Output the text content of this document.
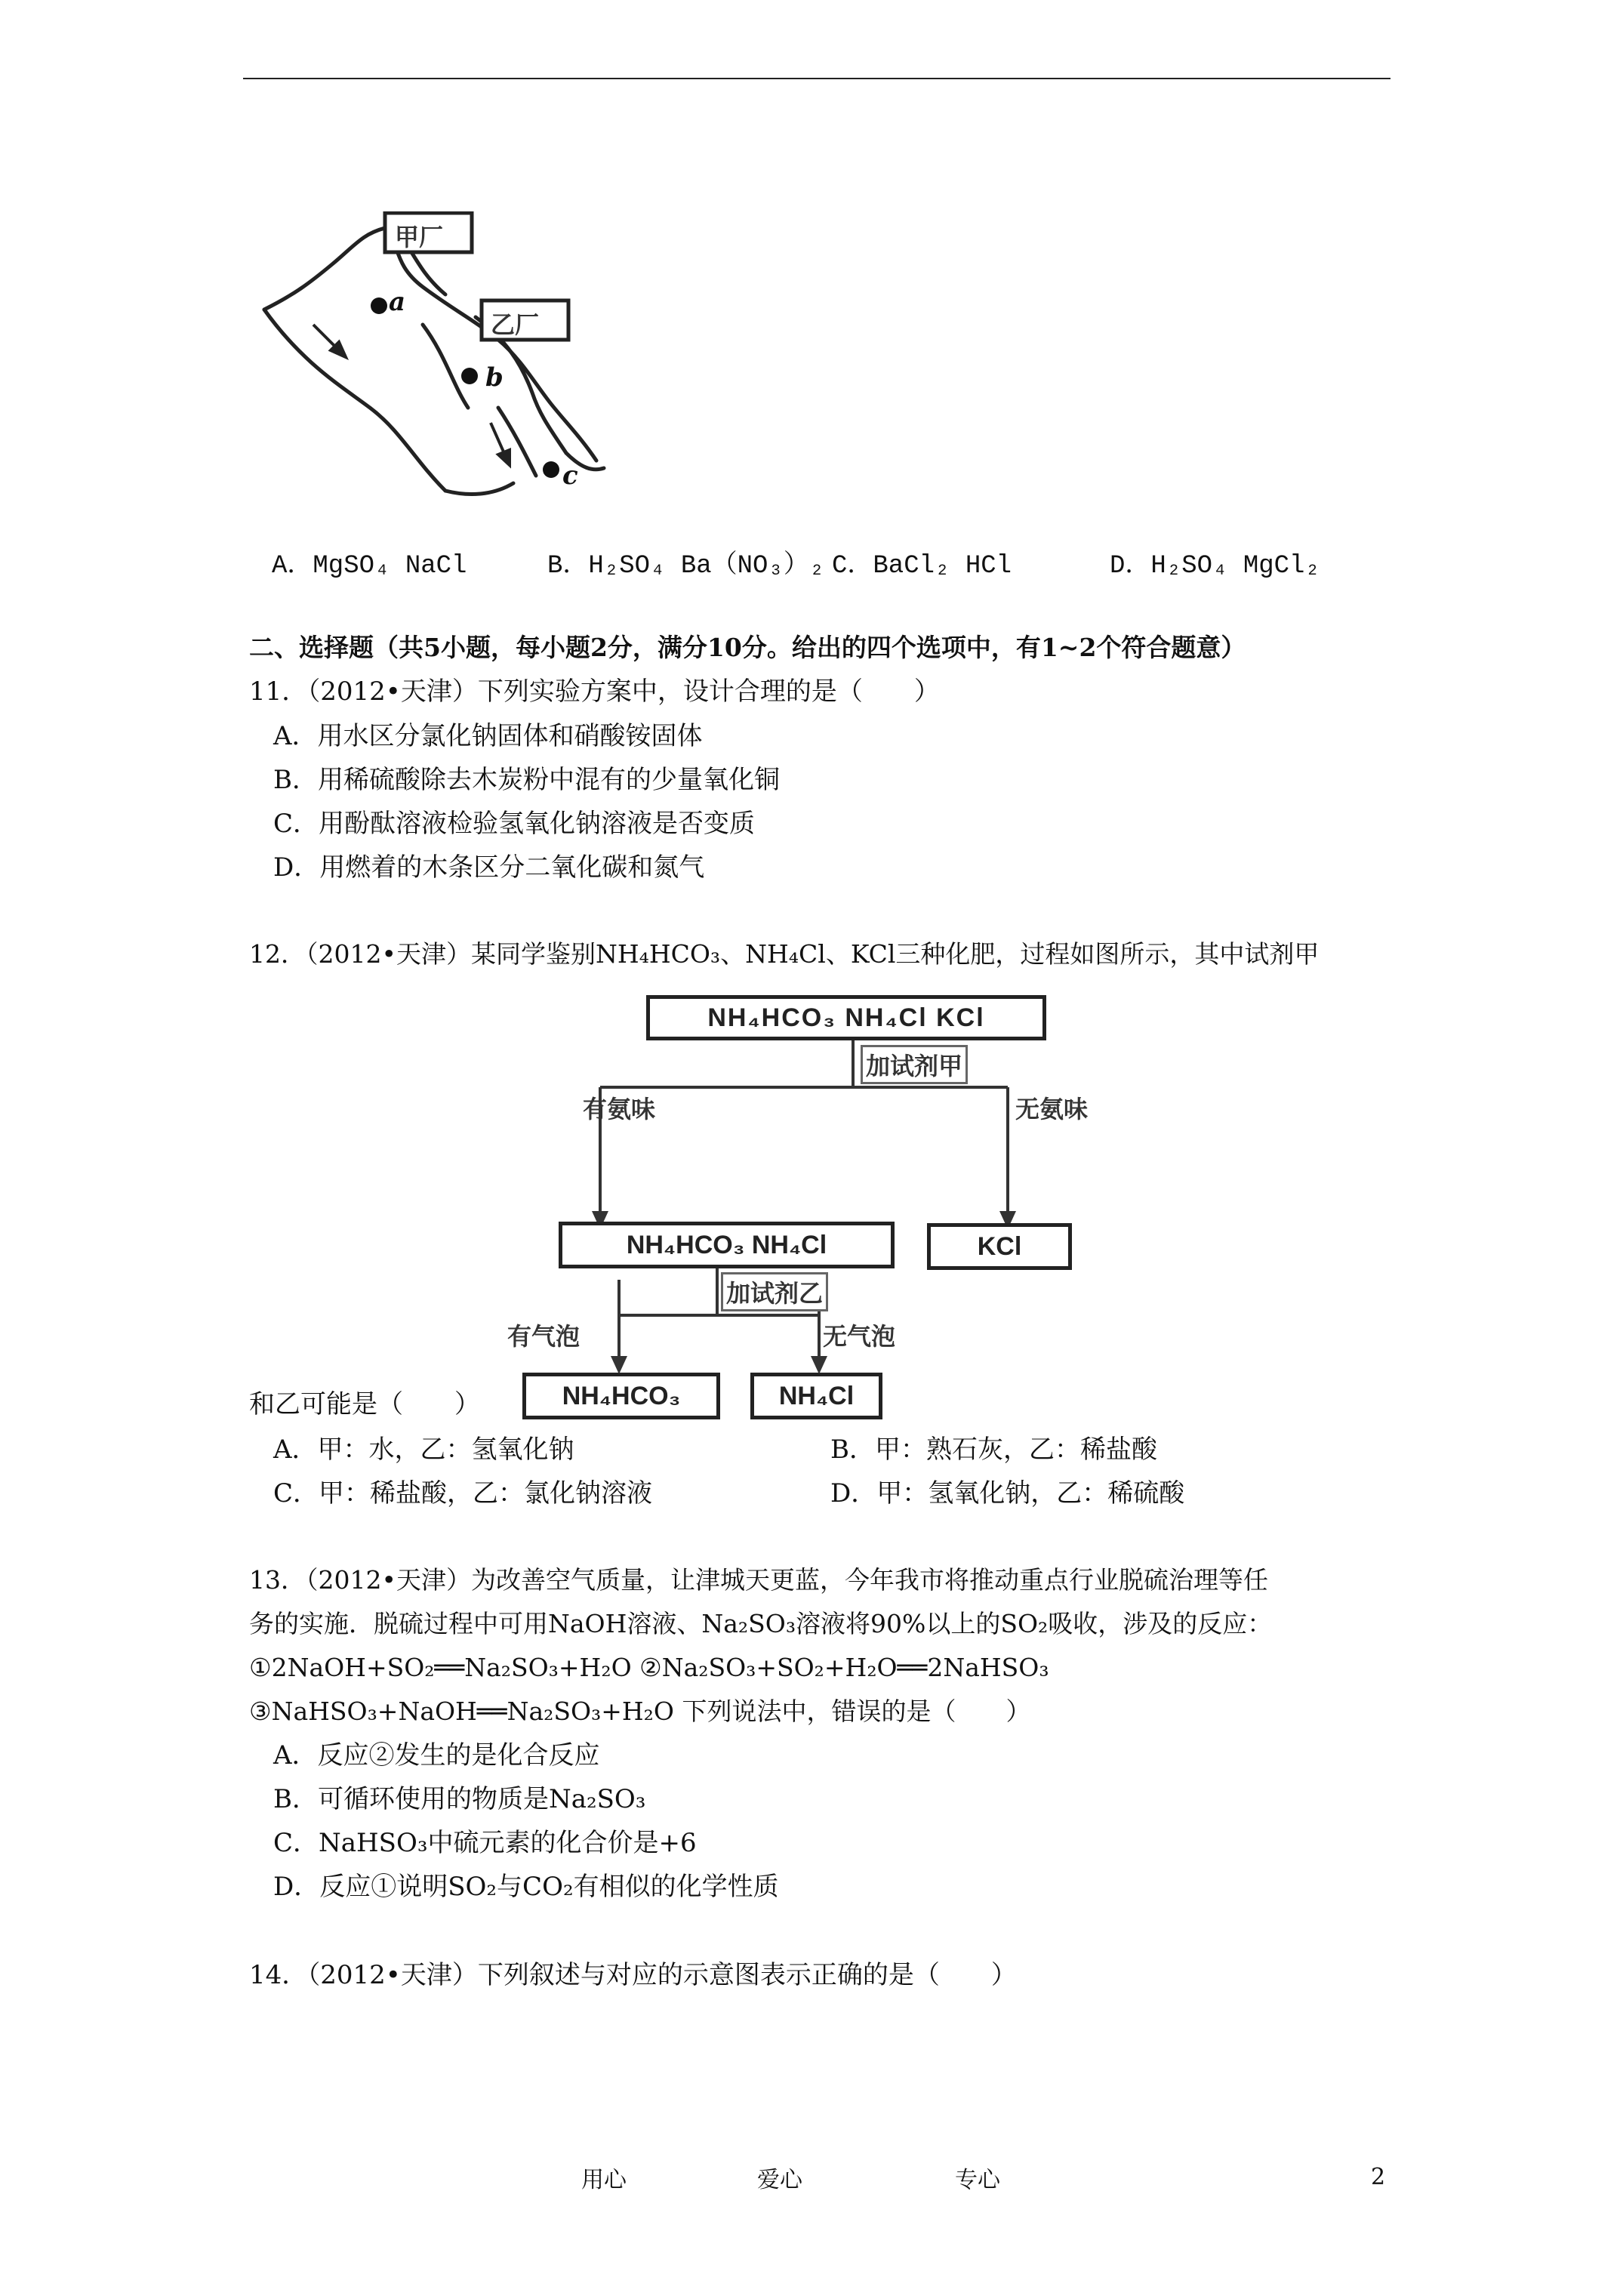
甲厂
乙厂
a
b
c
A．MgSO₄ NaCl	B．H₂SO₄ Ba（NO₃）₂ C．BaCl₂ HCl	D．H₂SO₄ MgCl₂
二、选择题（共5小题，每小题2分，满分10分。给出的四个选项中，有1~2个符合题意）
11．（2012•天津）下列实验方案中，设计合理的是（　　）
A．用水区分氯化钠固体和硝酸铵固体
B．用稀硫酸除去木炭粉中混有的少量氧化铜
C．用酚酞溶液检验氢氧化钠溶液是否变质
D．用燃着的木条区分二氧化碳和氮气
12．（2012•天津）某同学鉴别NH₄HCO₃、NH₄Cl、KCl三种化肥，过程如图所示，其中试剂甲
NH₄HCO₃ NH₄Cl KCl
加试剂甲
有氨味	无氨味
NH₄HCO₃ NH₄Cl	KCl
加试剂乙
有气泡	无气泡
NH₄HCO₃	NH₄Cl
和乙可能是（　　）
A．甲：水，乙：氢氧化钠	B．甲：熟石灰，乙：稀盐酸
C．甲：稀盐酸，乙：氯化钠溶液	D．甲：氢氧化钠，乙：稀硫酸
13．（2012•天津）为改善空气质量，让津城天更蓝，今年我市将推动重点行业脱硫治理等任
务的实施．脱硫过程中可用NaOH溶液、Na₂SO₃溶液将90%以上的SO₂吸收，涉及的反应：
①2NaOH+SO₂══Na₂SO₃+H₂O ②Na₂SO₃+SO₂+H₂O══2NaHSO₃
③NaHSO₃+NaOH══Na₂SO₃+H₂O 下列说法中，错误的是（　　）
A．反应②发生的是化合反应
B．可循环使用的物质是Na₂SO₃
C．NaHSO₃中硫元素的化合价是+6
D．反应①说明SO₂与CO₂有相似的化学性质
14．（2012•天津）下列叙述与对应的示意图表示正确的是（　　）
用心	爱心	专心	2
